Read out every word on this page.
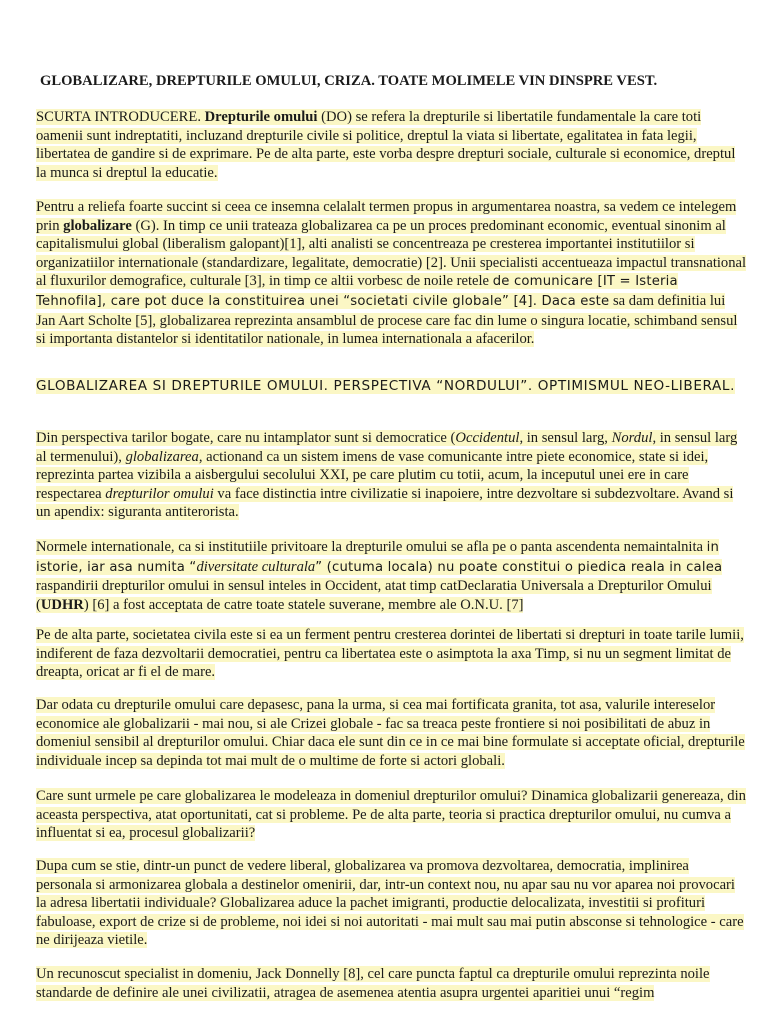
GLOBALIZARE, DREPTURILE OMULUI, CRIZA. TOATE MOLIMELE VIN DINSPRE VEST.
SCURTA INTRODUCERE. Drepturile omului (DO) se refera la drepturile si libertatile fundamentale la care toti oamenii sunt indreptatiti, incluzand drepturile civile si politice, dreptul la viata si libertate, egalitatea in fata legii, libertatea de gandire si de exprimare. Pe de alta parte, este vorba despre drepturi sociale, culturale si economice, dreptul la munca si dreptul la educatie.
Pentru a reliefa foarte succint si ceea ce insemna celalalt termen propus in argumentarea noastra, sa vedem ce intelegem prin globalizare (G). In timp ce unii trateaza globalizarea ca pe un proces predominant economic, eventual sinonim al capitalismului global (liberalism galopant)[1], alti analisti se concentreaza pe cresterea importantei institutiilor si organizatiilor internationale (standardizare, legalitate, democratie) [2]. Unii specialisti accentueaza impactul transnational al fluxurilor demografice, culturale [3], in timp ce altii vorbesc de noile retele de comunicare [IT = Isteria Tehnofila], care pot duce la constituirea unei “societati civile globale” [4]. Daca este sa dam definitia lui Jan Aart Scholte [5], globalizarea reprezinta ansamblul de procese care fac din lume o singura locatie, schimband sensul si importanta distantelor si identitatilor nationale, in lumea internationala a afacerilor.
GLOBALIZAREA SI DREPTURILE OMULUI. PERSPECTIVA “NORDULUI”. OPTIMISMUL NEO-LIBERAL.
Din perspectiva tarilor bogate, care nu intamplator sunt si democratice (Occidentul, in sensul larg, Nordul, in sensul larg al termenului), globalizarea, actionand ca un sistem imens de vase comunicante intre piete economice, state si idei, reprezinta partea vizibila a aisbergului secolului XXI, pe care plutim cu totii, acum, la inceputul unei ere in care respectarea drepturilor omului va face distinctia intre civilizatie si inapoiere, intre dezvoltare si subdezvoltare. Avand si un apendix: siguranta antiterorista.
Normele internationale, ca si institutiile privitoare la drepturile omului se afla pe o panta ascendenta nemaintalnita in istorie, iar asa numita “diversitate culturala” (cutuma locala) nu poate constitui o piedica reala in calea raspandirii drepturilor omului in sensul inteles in Occident, atat timp catDeclaratia Universala a Drepturilor Omului (UDHR) [6] a fost acceptata de catre toate statele suverane, membre ale O.N.U. [7]
Pe de alta parte, societatea civila este si ea un ferment pentru cresterea dorintei de libertati si drepturi in toate tarile lumii, indiferent de faza dezvoltarii democratiei, pentru ca libertatea este o asimptota la axa Timp, si nu un segment limitat de dreapta, oricat ar fi el de mare.
Dar odata cu drepturile omului care depasesc, pana la urma, si cea mai fortificata granita, tot asa, valurile intereselor economice ale globalizarii - mai nou, si ale Crizei globale - fac sa treaca peste frontiere si noi posibilitati de abuz in domeniul sensibil al drepturilor omului. Chiar daca ele sunt din ce in ce mai bine formulate si acceptate oficial, drepturile individuale incep sa depinda tot mai mult de o multime de forte si actori globali.
Care sunt urmele pe care globalizarea le modeleaza in domeniul drepturilor omului? Dinamica globalizarii genereaza, din aceasta perspectiva, atat oportunitati, cat si probleme. Pe de alta parte, teoria si practica drepturilor omului, nu cumva a influentat si ea, procesul globalizarii?
Dupa cum se stie, dintr-un punct de vedere liberal, globalizarea va promova dezvoltarea, democratia, implinirea personala si armonizarea globala a destinelor omenirii, dar, intr-un context nou, nu apar sau nu vor aparea noi provocari la adresa libertatii individuale? Globalizarea aduce la pachet imigranti, productie delocalizata, investitii si profituri fabuloase, export de crize si de probleme, noi idei si noi autoritati - mai mult sau mai putin absconse si tehnologice - care ne dirijeaza vietile.
Un recunoscut specialist in domeniu, Jack Donnelly [8], cel care puncta faptul ca drepturile omului reprezinta noile standarde de definire ale unei civilizatii, atragea de asemenea atentia asupra urgentei aparitiei unui “regim
